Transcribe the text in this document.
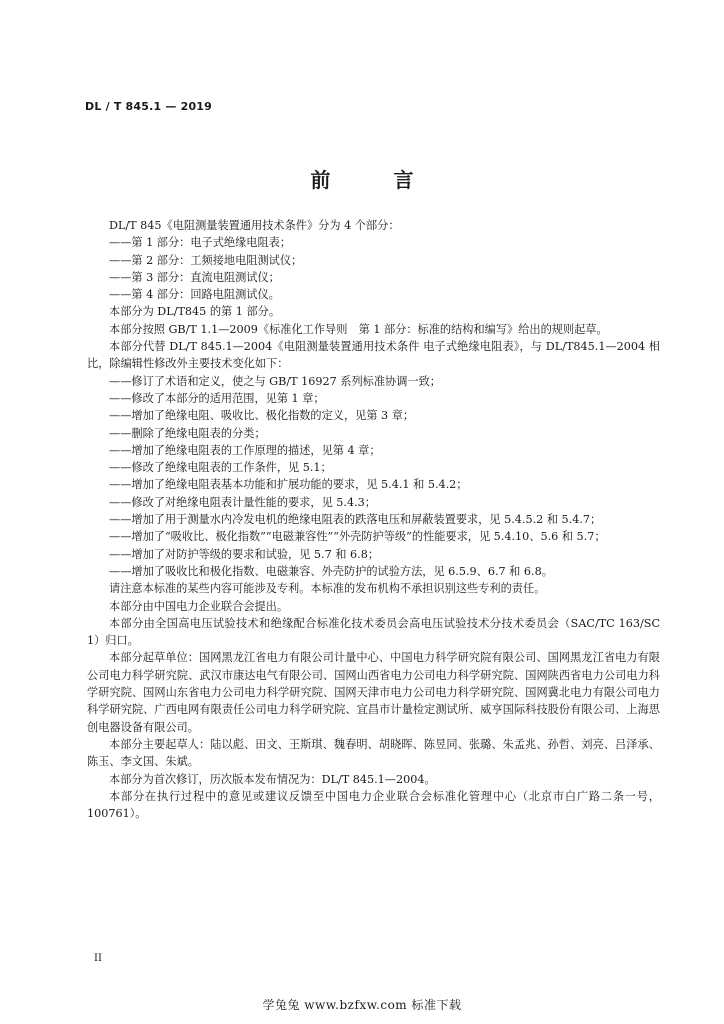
DL / T 845.1 — 2019
前 言

DL/T 845《电阻测量装置通用技术条件》分为 4 个部分：

——第 1 部分：电子式绝缘电阻表；

——第 2 部分：工频接地电阻测试仪；

——第 3 部分：直流电阻测试仪；

——第 4 部分：回路电阻测试仪。

本部分为 DL/T845 的第 1 部分。

本部分按照 GB/T 1.1—2009《标准化工作导则　第 1 部分：标准的结构和编写》给出的规则起草。

本部分代替 DL/T 845.1—2004《电阻测量装置通用技术条件 电子式绝缘电阻表》，与 DL/T845.1—2004 相比，除编辑性修改外主要技术变化如下：

——修订了术语和定义，使之与 GB/T 16927 系列标准协调一致；

——修改了本部分的适用范围，见第 1 章；

——增加了绝缘电阻、吸收比、极化指数的定义，见第 3 章；

——删除了绝缘电阻表的分类；

——增加了绝缘电阻表的工作原理的描述，见第 4 章；

——修改了绝缘电阻表的工作条件，见 5.1；

——增加了绝缘电阻表基本功能和扩展功能的要求，见 5.4.1 和 5.4.2；

——修改了对绝缘电阻表计量性能的要求，见 5.4.3；

——增加了用于测量水内冷发电机的绝缘电阻表的跌落电压和屏蔽装置要求，见 5.4.5.2 和 5.4.7；

——增加了“吸收比、极化指数”“电磁兼容性”“外壳防护等级”的性能要求，见 5.4.10、5.6 和 5.7；

——增加了对防护等级的要求和试验，见 5.7 和 6.8；

——增加了吸收比和极化指数、电磁兼容、外壳防护的试验方法，见 6.5.9、6.7 和 6.8。

请注意本标准的某些内容可能涉及专利。本标准的发布机构不承担识别这些专利的责任。

本部分由中国电力企业联合会提出。

本部分由全国高电压试验技术和绝缘配合标准化技术委员会高电压试验技术分技术委员会（SAC/TC 163/SC 1）归口。

本部分起草单位：国网黑龙江省电力有限公司计量中心、中国电力科学研究院有限公司、国网黑龙江省电力有限公司电力科学研究院、武汉市康达电气有限公司、国网山西省电力公司电力科学研究院、国网陕西省电力公司电力科学研究院、国网山东省电力公司电力科学研究院、国网天津市电力公司电力科学研究院、国网冀北电力有限公司电力科学研究院、广西电网有限责任公司电力科学研究院、宜昌市计量检定测试所、威亨国际科技股份有限公司、上海思创电器设备有限公司。

本部分主要起草人：陆以彪、田文、王斯琪、魏春明、胡晓晖、陈昱同、张璐、朱孟兆、孙哲、刘亮、吕泽承、陈玉、李文国、朱斌。

本部分为首次修订，历次版本发布情况为：DL/T 845.1—2004。

本部分在执行过程中的意见或建议反馈至中国电力企业联合会标准化管理中心（北京市白广路二条一号，100761）。

II
学兔兔 www.bzfxw.com 标准下载
